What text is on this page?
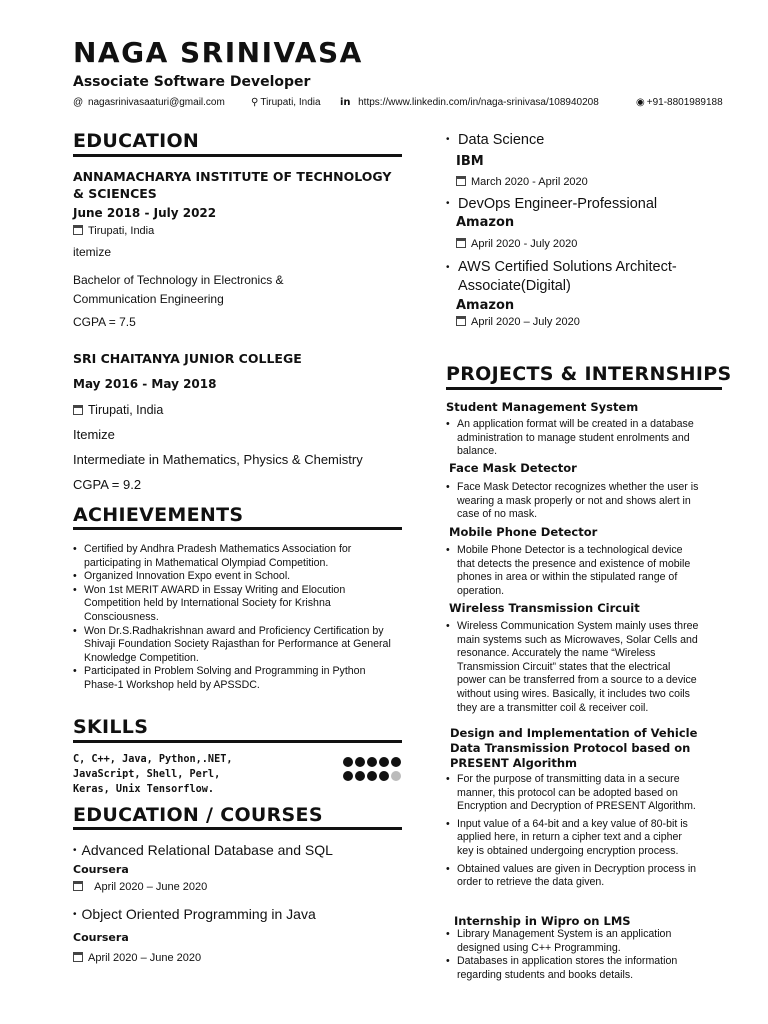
NAGA SRINIVASA
Associate Software Developer
@ nagasrinivasaaturi@gmail.com	⚲ Tirupati, India in https://www.linkedin.com/in/naga-srinivasa/108940208	◉ +91-8801989188
EDUCATION
ANNAMACHARYA INSTITUTE OF TECHNOLOGY & SCIENCES
June 2018 - July 2022
Tirupati, India
itemize
Bachelor of Technology in Electronics & Communication Engineering
CGPA = 7.5
SRI CHAITANYA JUNIOR COLLEGE
May 2016 - May 2018
Tirupati, India
Itemize
Intermediate in Mathematics, Physics & Chemistry
CGPA = 9.2
ACHIEVEMENTS
• Certified by Andhra Pradesh Mathematics Association for participating in Mathematical Olympiad Competition.
• Organized Innovation Expo event in School.
• Won 1st MERIT AWARD in Essay Writing and Elocution Competition held by International Society for Krishna Consciousness.
• Won Dr.S.Radhakrishnan award and Proficiency Certification by Shivaji Foundation Society Rajasthan for Performance at General Knowledge Competition.
• Participated in Problem Solving and Programming in Python Phase-1 Workshop held by APSSDC.
SKILLS
C, C++, Java, Python,.NET,
JavaScript, Shell, Perl,
Keras, Unix Tensorflow.
EDUCATION / COURSES
• Advanced Relational Database and SQL
Coursera
April 2020 – June 2020
• Object Oriented Programming in Java
Coursera
April 2020 – June 2020
• Data Science
IBM
March 2020 - April 2020
• DevOps Engineer-Professional
Amazon
April 2020 - July 2020
•
AWS Certified Solutions Architect-Associate(Digital)
Amazon
April 2020 – July 2020
PROJECTS & INTERNSHIPS
Student Management System
• An application format will be created in a database administration to manage student enrolments and balance.
Face Mask Detector
• Face Mask Detector recognizes whether the user is wearing a mask properly or not and shows alert in case of no mask.
Mobile Phone Detector
• Mobile Phone Detector is a technological device that detects the presence and existence of mobile phones in area or within the stipulated range of operation.
Wireless Transmission Circuit
• Wireless Communication System mainly uses three main systems such as Microwaves, Solar Cells and resonance. Accurately the name “Wireless Transmission Circuit” states that the electrical power can be transferred from a source to a device without using wires. Basically, it includes two coils they are a transmitter coil & receiver coil.
Design and Implementation of Vehicle Data Transmission Protocol based on PRESENT Algorithm
• For the purpose of transmitting data in a secure manner, this protocol can be adopted based on Encryption and Decryption of PRESENT Algorithm.
• Input value of a 64-bit and a key value of 80-bit is applied here, in return a cipher text and a cipher key is obtained undergoing encryption process.
• Obtained values are given in Decryption process in order to retrieve the data given.
Internship in Wipro on LMS
• Library Management System is an application designed using C++ Programming.
• Databases in application stores the information regarding students and books details.
